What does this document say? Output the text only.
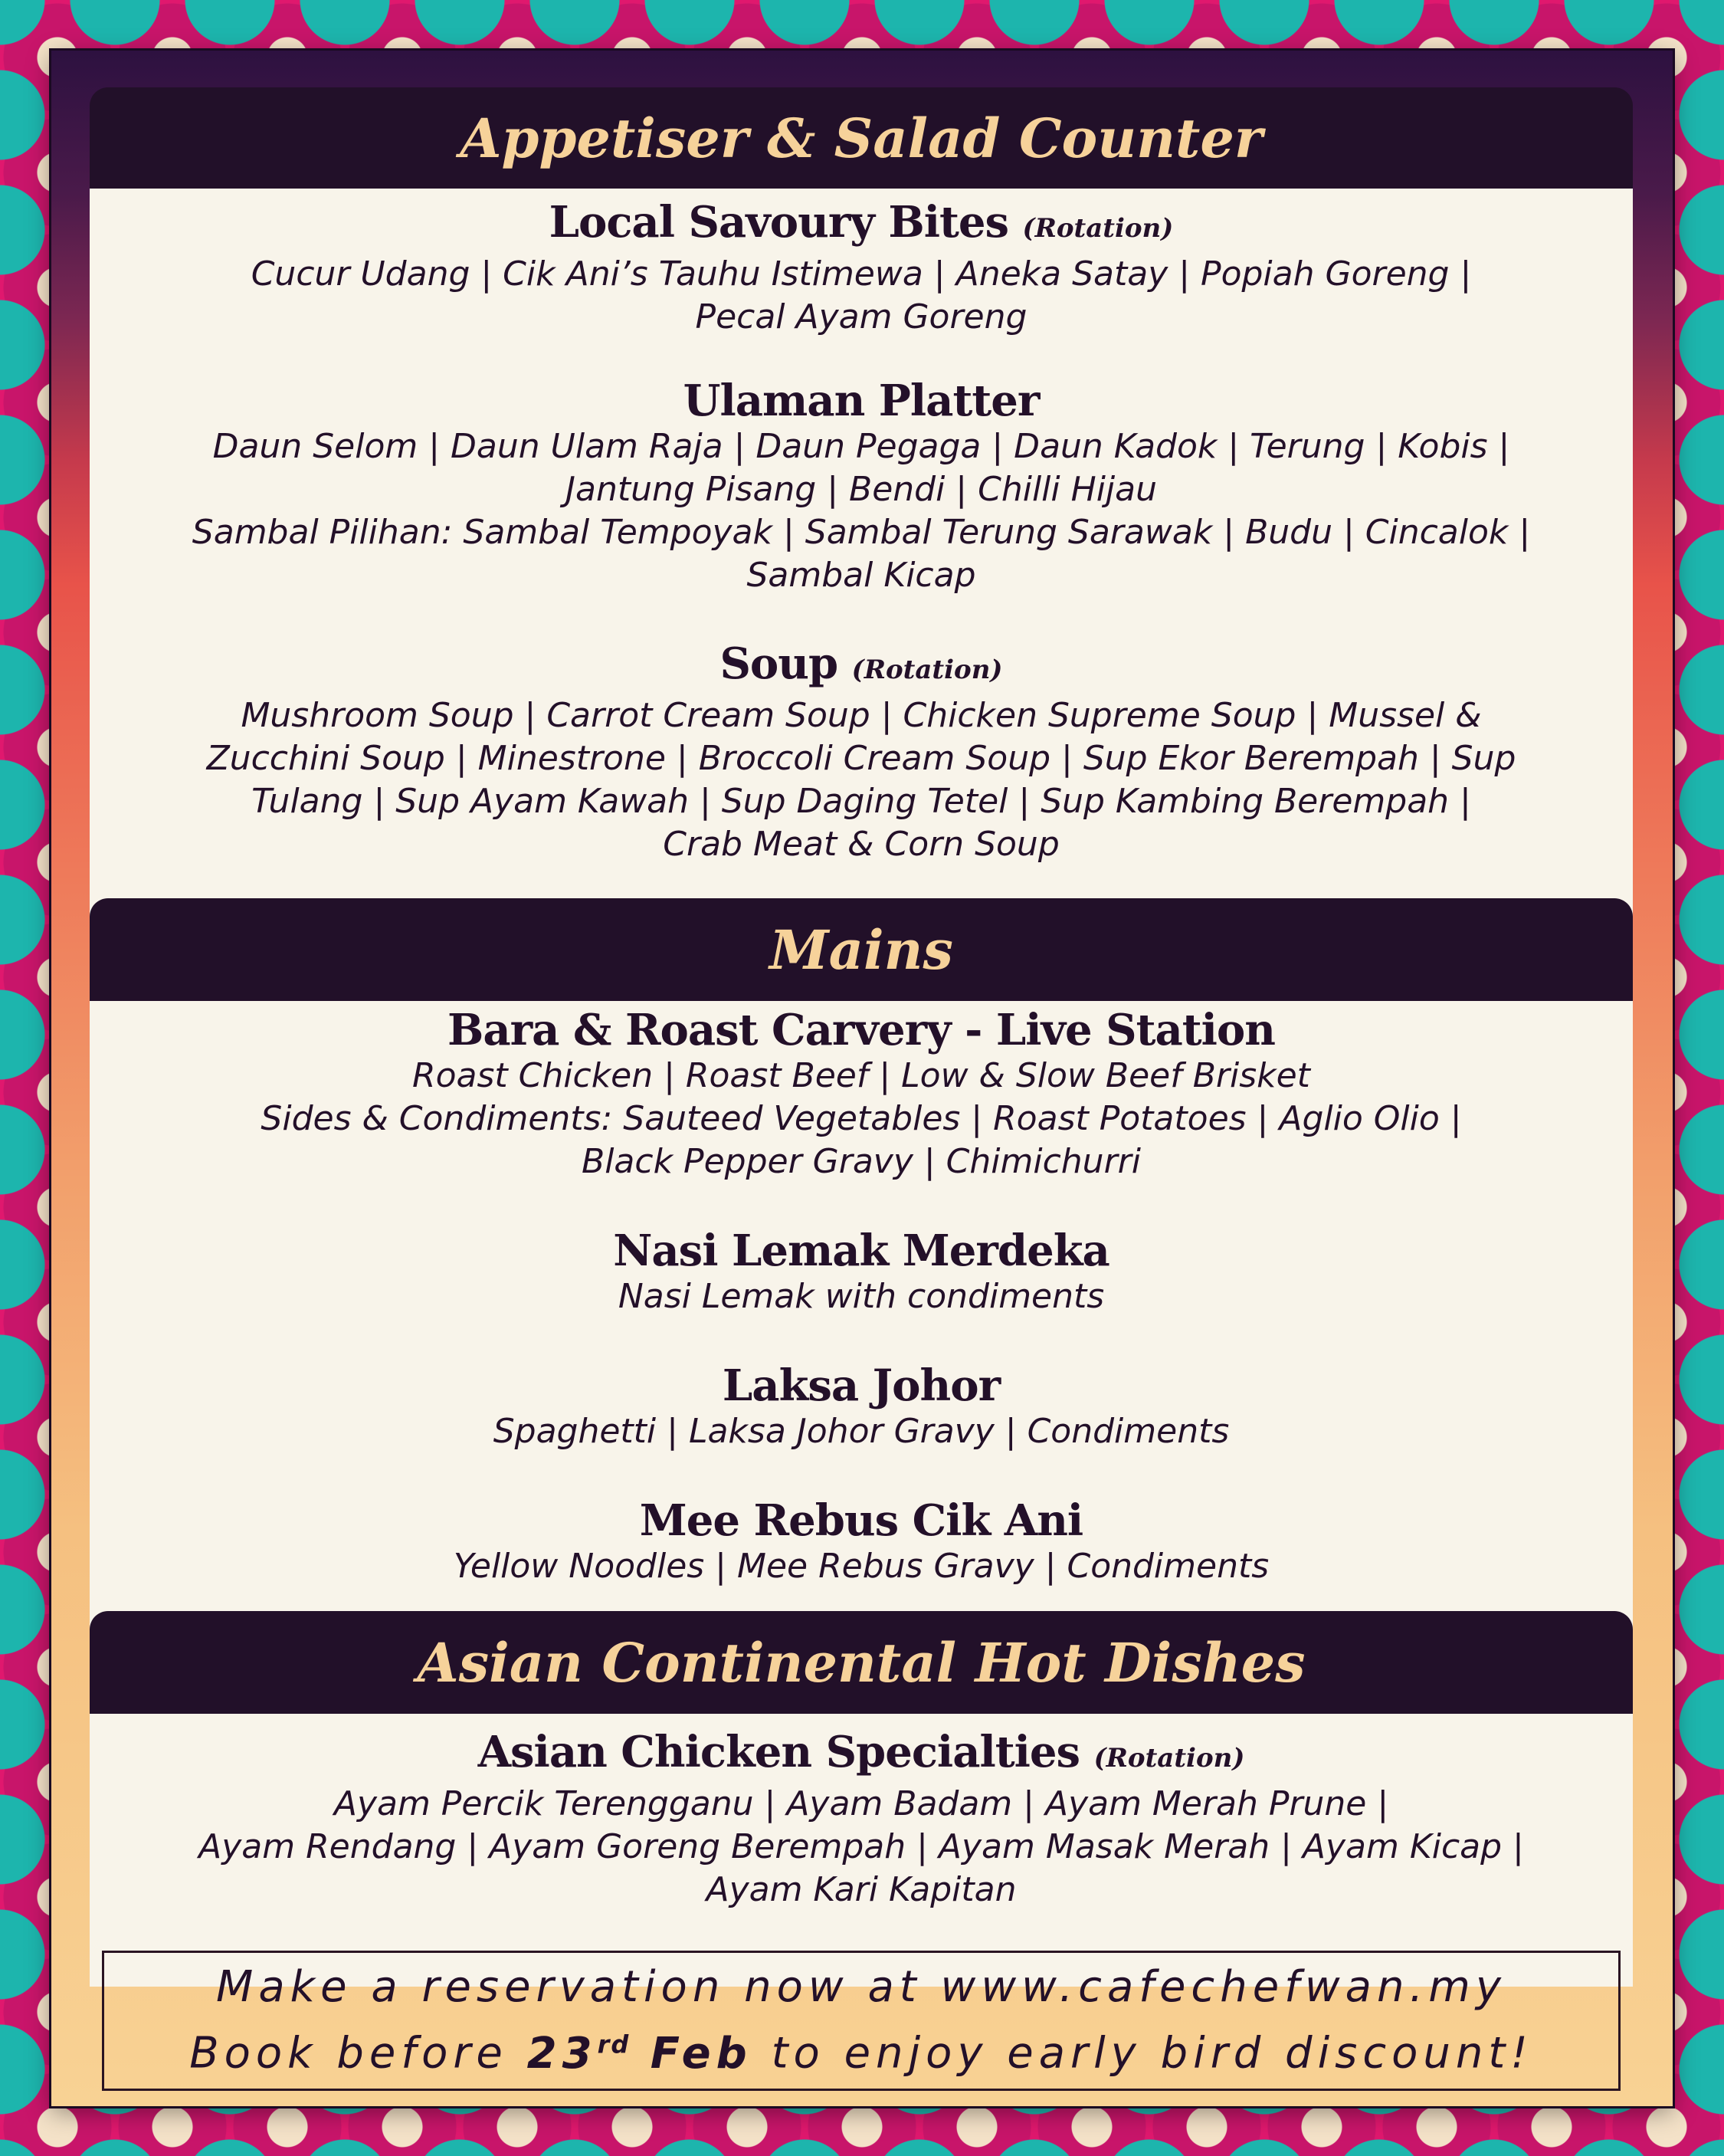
Appetiser & Salad Counter
Local Savoury Bites (Rotation)
Cucur Udang | Cik Ani’s Tauhu Istimewa | Aneka Satay | Popiah Goreng |
Pecal Ayam Goreng
Ulaman Platter
Daun Selom | Daun Ulam Raja | Daun Pegaga | Daun Kadok | Terung | Kobis |
Jantung Pisang | Bendi | Chilli Hijau
Sambal Pilihan: Sambal Tempoyak | Sambal Terung Sarawak | Budu | Cincalok |
Sambal Kicap
Soup (Rotation)
Mushroom Soup | Carrot Cream Soup | Chicken Supreme Soup | Mussel &
Zucchini Soup | Minestrone | Broccoli Cream Soup | Sup Ekor Berempah | Sup
Tulang | Sup Ayam Kawah | Sup Daging Tetel | Sup Kambing Berempah |
Crab Meat & Corn Soup
Mains
Bara & Roast Carvery - Live Station
Roast Chicken | Roast Beef | Low & Slow Beef Brisket
Sides & Condiments: Sauteed Vegetables | Roast Potatoes | Aglio Olio |
Black Pepper Gravy | Chimichurri
Nasi Lemak Merdeka
Nasi Lemak with condiments
Laksa Johor
Spaghetti | Laksa Johor Gravy | Condiments
Mee Rebus Cik Ani
Yellow Noodles | Mee Rebus Gravy | Condiments
Asian Continental Hot Dishes
Asian Chicken Specialties (Rotation)
Ayam Percik Terengganu | Ayam Badam | Ayam Merah Prune |
Ayam Rendang | Ayam Goreng Berempah | Ayam Masak Merah | Ayam Kicap |
Ayam Kari Kapitan
Make a reservation now at www.cafechefwan.my
Book before 23rd Feb to enjoy early bird discount!
